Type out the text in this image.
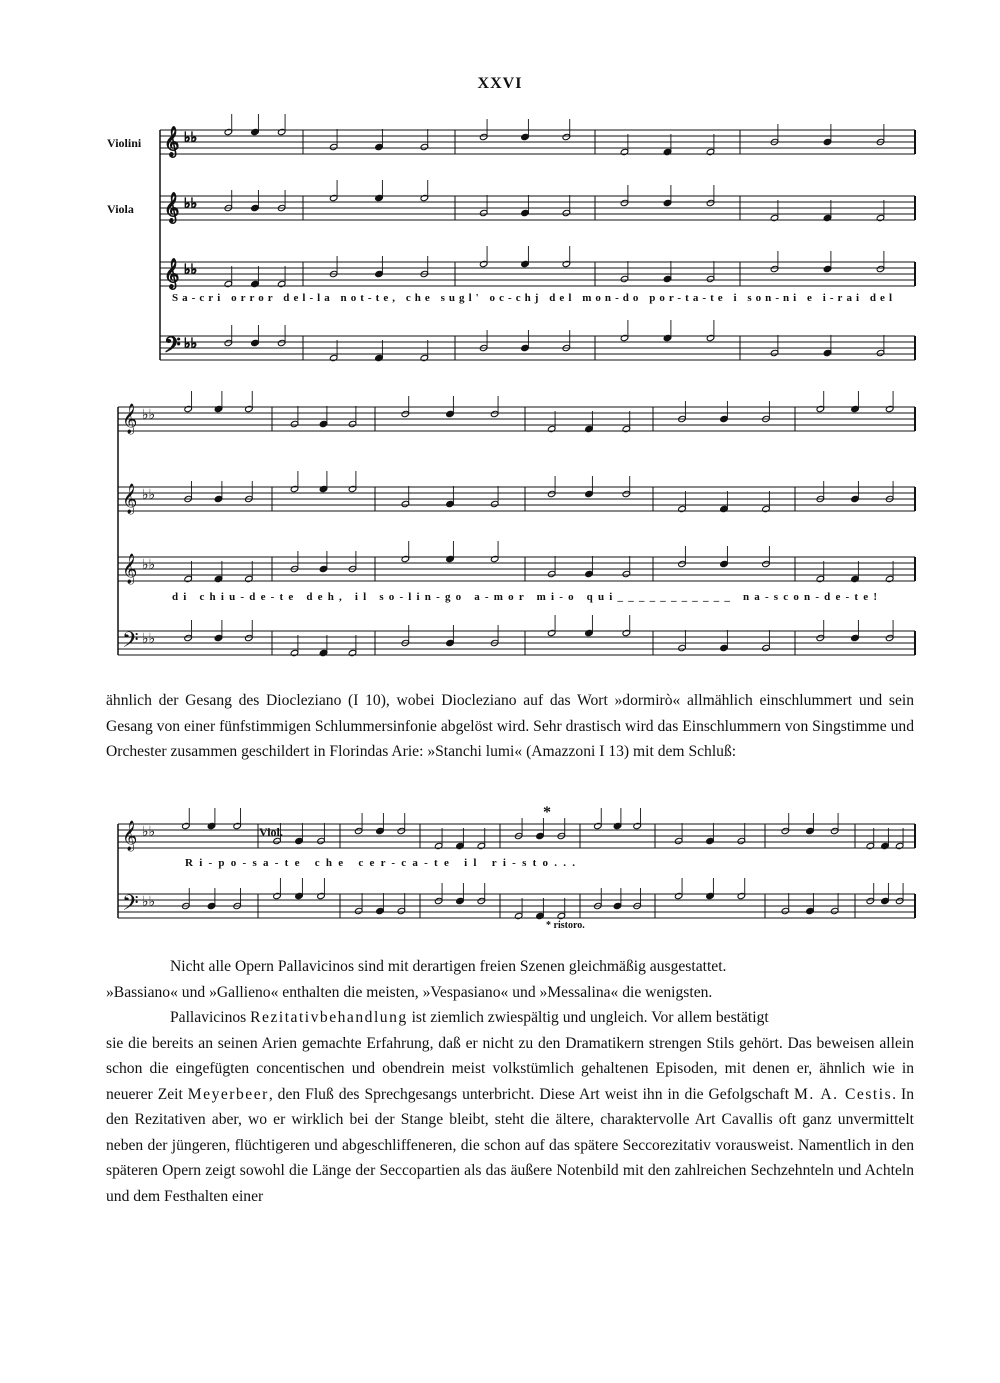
XXVI
Violini
Viola
𝄞 ♭♭
𝄞 ♭♭
𝄞 ♭♭
𝄢 ♭♭
Sa-cri orror del-la not-te, che sugl' oc-chj del mon-do por-ta-te i son-ni e i-rai del
𝄞 ♭♭
𝄞 ♭♭
𝄞 ♭♭
𝄢 ♭♭
di chiu-de-te deh, il so-lin-go a-mor mi-o qui___________ na-scon-de-te!
ähnlich der Gesang des Diocleziano (I 10), wobei Diocleziano auf das Wort »dormirò« allmählich einschlummert und sein Gesang von einer fünfstimmigen Schlummersinfonie abgelöst wird. Sehr drastisch wird das Einschlummern von Singstimme und Orchester zusammen geschildert in Florindas Arie: »Stanchi lumi« (Amazzoni I 13) mit dem Schluß:
Viol.
*
𝄞 ♭♭
𝄢 ♭♭
Ri-po-sa-te che cer-ca-te il ri-sto...
* ristoro.
Nicht alle Opern Pallavicinos sind mit derartigen freien Szenen gleichmäßig ausgestattet.
»Bassiano« und »Gallieno« enthalten die meisten, »Vespasiano« und »Messalina« die wenigsten.
Pallavicinos Rezitativbehandlung ist ziemlich zwiespältig und ungleich. Vor allem bestätigt
sie die bereits an seinen Arien gemachte Erfahrung, daß er nicht zu den Dramatikern strengen Stils gehört. Das beweisen allein schon die eingefügten concentischen und obendrein meist volkstümlich gehaltenen Episoden, mit denen er, ähnlich wie in neuerer Zeit Meyerbeer, den Fluß des Sprechgesangs unterbricht. Diese Art weist ihn in die Gefolgschaft M. A. Cestis. In den Rezitativen aber, wo er wirklich bei der Stange bleibt, steht die ältere, charaktervolle Art Cavallis oft ganz unvermittelt neben der jüngeren, flüchtigeren und abgeschliffeneren, die schon auf das spätere Seccorezitativ vorausweist. Namentlich in den späteren Opern zeigt sowohl die Länge der Seccopartien als das äußere Notenbild mit den zahlreichen Sechzehnteln und Achteln und dem Festhalten einer
